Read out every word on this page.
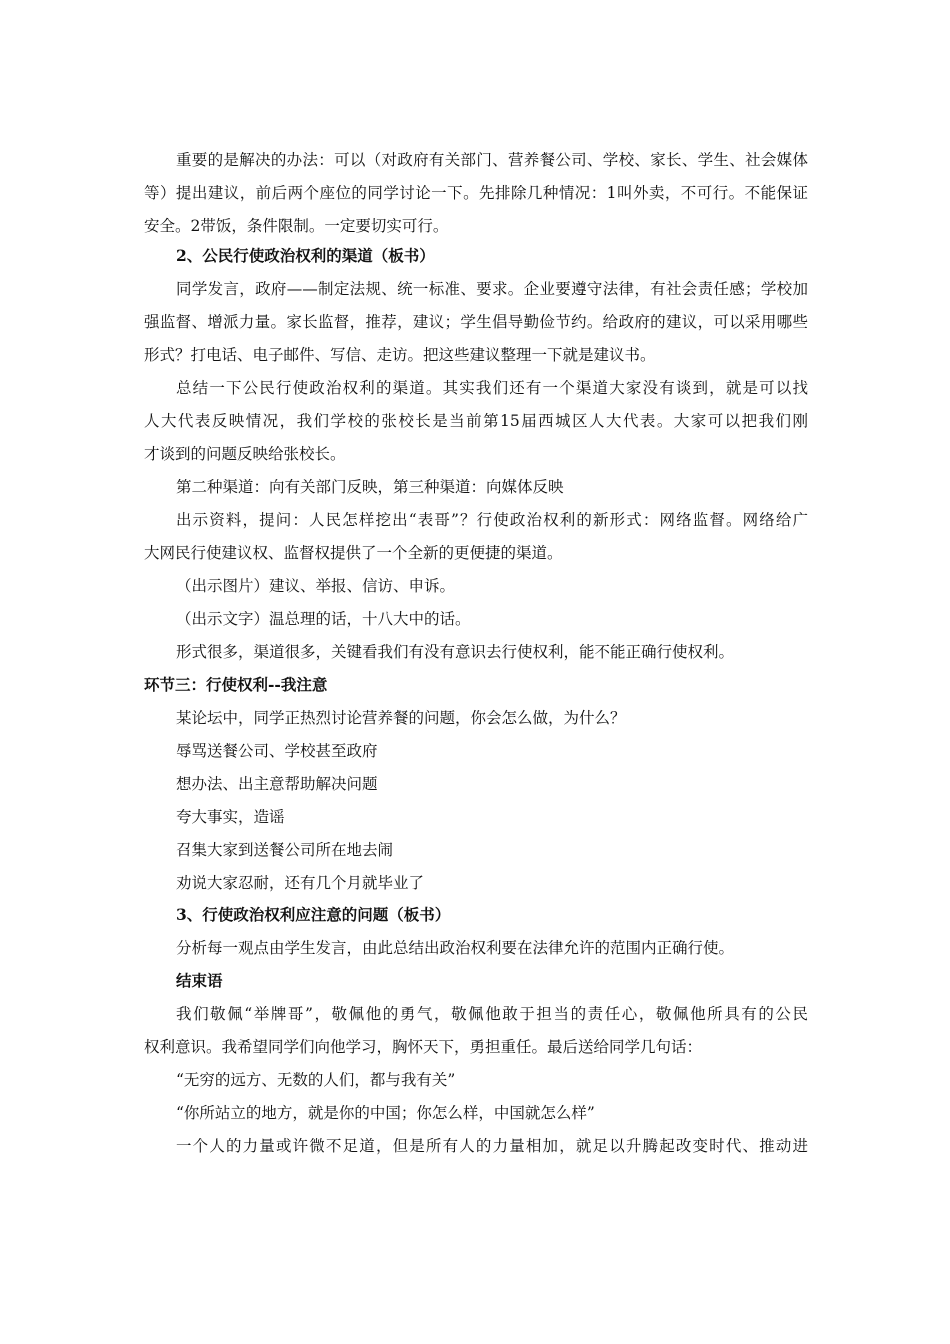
重要的是解决的办法：可以（对政府有关部门、营养餐公司、学校、家长、学生、社会媒体
等）提出建议，前后两个座位的同学讨论一下。先排除几种情况：1叫外卖，不可行。不能保证
安全。2带饭，条件限制。一定要切实可行。
2、公民行使政治权利的渠道（板书）
同学发言，政府——制定法规、统一标准、要求。企业要遵守法律，有社会责任感；学校加
强监督、增派力量。家长监督，推荐，建议；学生倡导勤俭节约。给政府的建议，可以采用哪些
形式？打电话、电子邮件、写信、走访。把这些建议整理一下就是建议书。
总结一下公民行使政治权利的渠道。其实我们还有一个渠道大家没有谈到，就是可以找
人大代表反映情况，我们学校的张校长是当前第15届西城区人大代表。大家可以把我们刚
才谈到的问题反映给张校长。
第二种渠道：向有关部门反映，第三种渠道：向媒体反映
出示资料，提问：人民怎样挖出“表哥”？行使政治权利的新形式：网络监督。网络给广
大网民行使建议权、监督权提供了一个全新的更便捷的渠道。
（出示图片）建议、举报、信访、申诉。
（出示文字）温总理的话，十八大中的话。
形式很多，渠道很多，关键看我们有没有意识去行使权利，能不能正确行使权利。
环节三：行使权利--我注意
某论坛中，同学正热烈讨论营养餐的问题，你会怎么做，为什么？
辱骂送餐公司、学校甚至政府
想办法、出主意帮助解决问题
夸大事实，造谣
召集大家到送餐公司所在地去闹
劝说大家忍耐，还有几个月就毕业了
3、行使政治权利应注意的问题（板书）
分析每一观点由学生发言，由此总结出政治权利要在法律允许的范围内正确行使。
结束语
我们敬佩“举牌哥”，敬佩他的勇气，敬佩他敢于担当的责任心，敬佩他所具有的公民
权利意识。我希望同学们向他学习，胸怀天下，勇担重任。最后送给同学几句话：
“无穷的远方、无数的人们，都与我有关”
“你所站立的地方，就是你的中国；你怎么样，中国就怎么样”
一个人的力量或许微不足道，但是所有人的力量相加，就足以升腾起改变时代、推动进
